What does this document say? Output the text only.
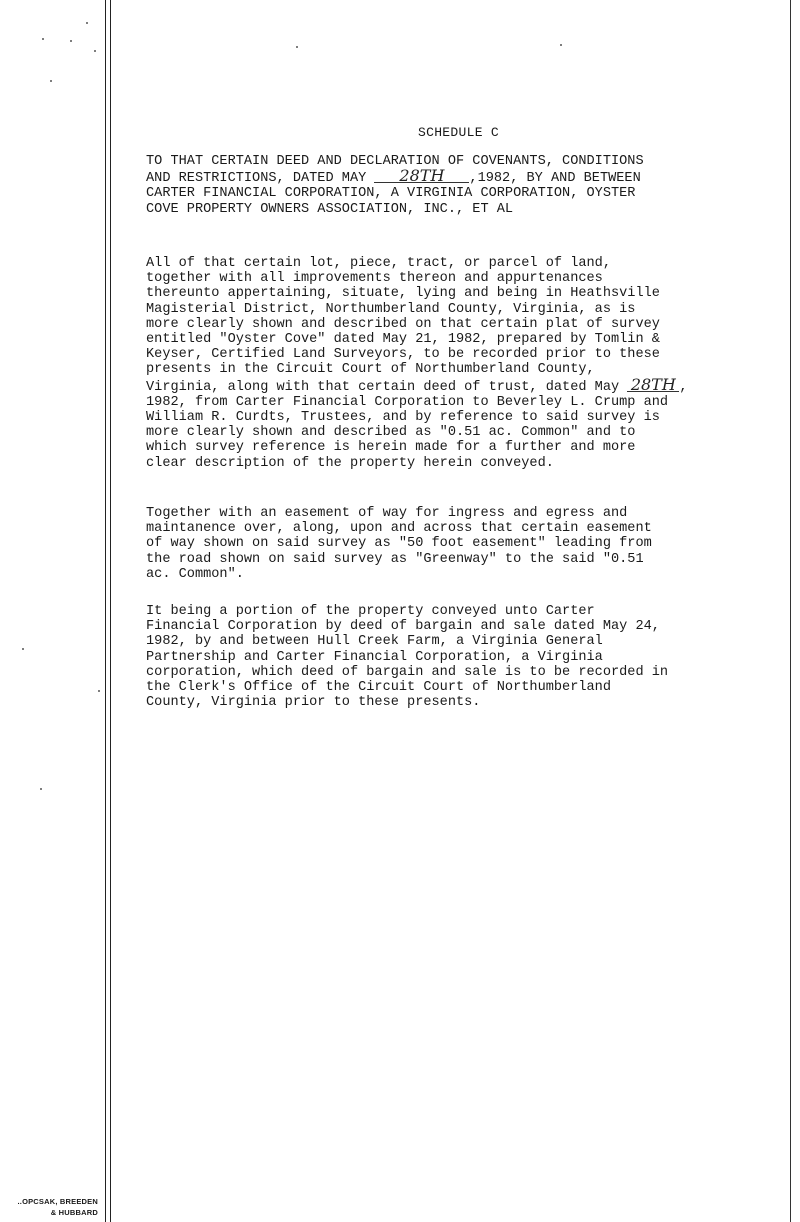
SCHEDULE C
TO THAT CERTAIN DEED AND DECLARATION OF COVENANTS, CONDITIONS
AND RESTRICTIONS, DATED MAY 28TH ,1982, BY AND BETWEEN
CARTER FINANCIAL CORPORATION, A VIRGINIA CORPORATION, OYSTER
COVE PROPERTY OWNERS ASSOCIATION, INC., ET AL
All of that certain lot, piece, tract, or parcel of land,
together with all improvements thereon and appurtenances
thereunto appertaining, situate, lying and being in Heathsville
Magisterial District, Northumberland County, Virginia, as is
more clearly shown and described on that certain plat of survey
entitled "Oyster Cove" dated May 21, 1982, prepared by Tomlin &
Keyser, Certified Land Surveyors, to be recorded prior to these
presents in the Circuit Court of Northumberland County,
Virginia, along with that certain deed of trust, dated May 28TH ,
1982, from Carter Financial Corporation to Beverley L. Crump and
William R. Curdts, Trustees, and by reference to said survey is
more clearly shown and described as "0.51 ac. Common" and to
which survey reference is herein made for a further and more
clear description of the property herein conveyed.
Together with an easement of way for ingress and egress and
maintanence over, along, upon and across that certain easement
of way shown on said survey as "50 foot easement" leading from
the road shown on said survey as "Greenway" to the said "0.51
ac. Common".
It being a portion of the property conveyed unto Carter
Financial Corporation by deed of bargain and sale dated May 24,
1982, by and between Hull Creek Farm, a Virginia General
Partnership and Carter Financial Corporation, a Virginia
corporation, which deed of bargain and sale is to be recorded in
the Clerk's Office of the Circuit Court of Northumberland
County, Virginia prior to these presents.
..OPCSAK, BREEDEN
& HUBBARD
